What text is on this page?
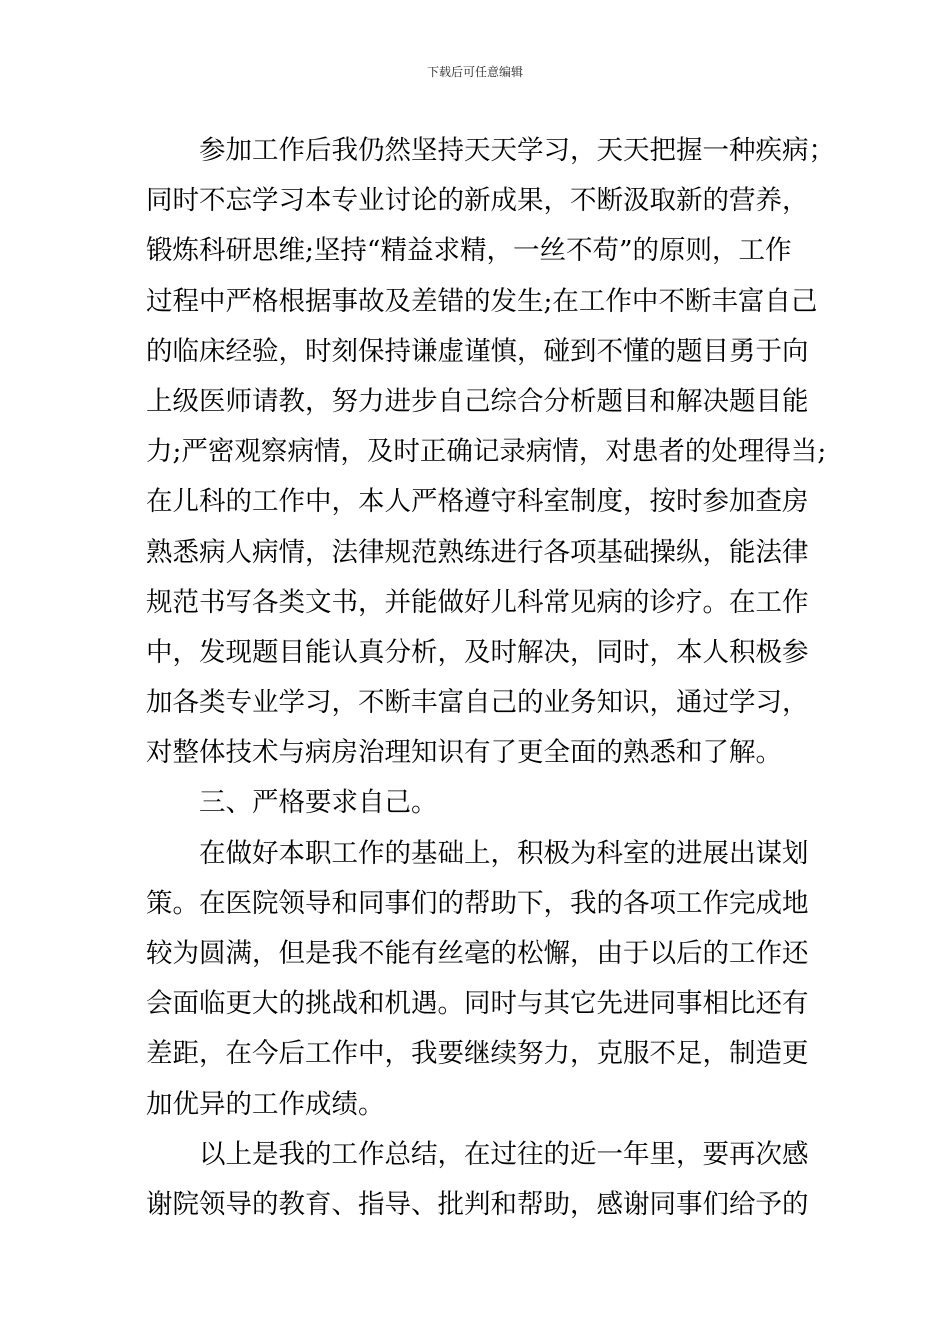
下载后可任意编辑
参加工作后我仍然坚持天天学习，天天把握一种疾病；
同时不忘学习本专业讨论的新成果，不断汲取新的营养，
锻炼科研思维;坚持“精益求精，一丝不苟”的原则，工作
过程中严格根据事故及差错的发生;在工作中不断丰富自己
的临床经验，时刻保持谦虚谨慎，碰到不懂的题目勇于向
上级医师请教，努力进步自己综合分析题目和解决题目能
力;严密观察病情，及时正确记录病情，对患者的处理得当;
在儿科的工作中，本人严格遵守科室制度，按时参加查房
熟悉病人病情，法律规范熟练进行各项基础操纵，能法律
规范书写各类文书，并能做好儿科常见病的诊疗。在工作
中，发现题目能认真分析，及时解决，同时，本人积极参
加各类专业学习，不断丰富自己的业务知识，通过学习，
对整体技术与病房治理知识有了更全面的熟悉和了解。
三、严格要求自己。
在做好本职工作的基础上，积极为科室的进展出谋划
策。在医院领导和同事们的帮助下，我的各项工作完成地
较为圆满，但是我不能有丝毫的松懈，由于以后的工作还
会面临更大的挑战和机遇。同时与其它先进同事相比还有
差距，在今后工作中，我要继续努力，克服不足，制造更
加优异的工作成绩。
以上是我的工作总结，在过往的近一年里，要再次感
谢院领导的教育、指导、批判和帮助，感谢同事们给予的
